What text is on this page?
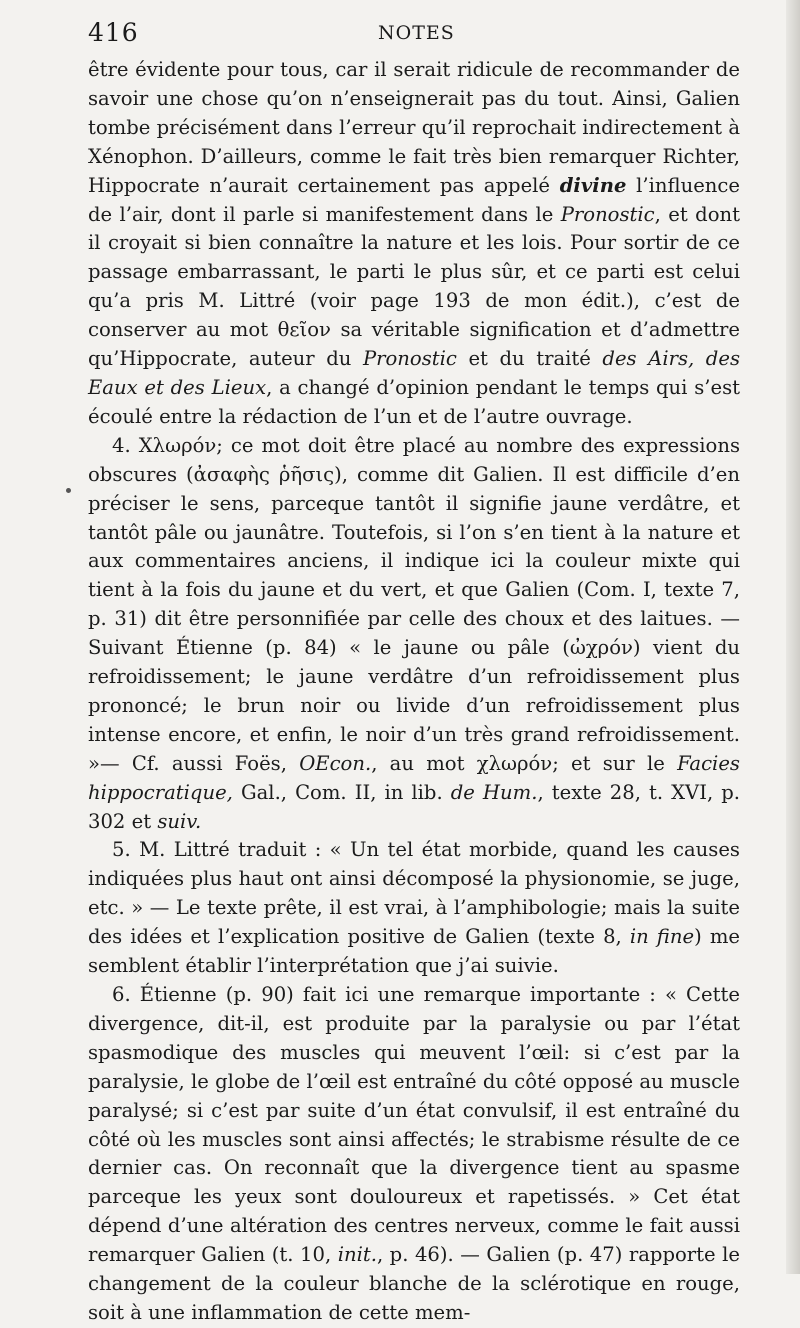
416	NOTES

être évidente pour tous, car il serait ridicule de recommander de savoir une chose qu’on n’enseignerait pas du tout. Ainsi, Galien tombe précisément dans l’erreur qu’il reprochait indirectement à Xénophon. D’ailleurs, comme le fait très bien remarquer Richter, Hippocrate n’aurait certainement pas appelé divine l’influence de l’air, dont il parle si manifestement dans le Pronostic, et dont il croyait si bien connaître la nature et les lois. Pour sortir de ce passage embarrassant, le parti le plus sûr, et ce parti est celui qu’a pris M. Littré (voir page 193 de mon édit.), c’est de conserver au mot θεῖον sa véritable signification et d’admettre qu’Hippocrate, auteur du Pronostic et du traité des Airs, des Eaux et des Lieux, a changé d’opinion pendant le temps qui s’est écoulé entre la rédaction de l’un et de l’autre ouvrage.

4. Χλωρόν; ce mot doit être placé au nombre des expressions obscures (ἀσαφὴς ῥῆσις), comme dit Galien. Il est difficile d’en préciser le sens, parceque tantôt il signifie jaune verdâtre, et tantôt pâle ou jaunâtre. Toutefois, si l’on s’en tient à la nature et aux commentaires anciens, il indique ici la couleur mixte qui tient à la fois du jaune et du vert, et que Galien (Com. I, texte 7, p. 31) dit être personnifiée par celle des choux et des laitues. — Suivant Étienne (p. 84) « le jaune ou pâle (ὠχρόν) vient du refroidissement; le jaune verdâtre d’un refroidissement plus prononcé; le brun noir ou livide d’un refroidissement plus intense encore, et enfin, le noir d’un très grand refroidissement. »— Cf. aussi Foës, OEcon., au mot χλωρόν; et sur le Facies hippocratique, Gal., Com. II, in lib. de Hum., texte 28, t. XVI, p. 302 et suiv.

5. M. Littré traduit : « Un tel état morbide, quand les causes indiquées plus haut ont ainsi décomposé la physionomie, se juge, etc. » — Le texte prête, il est vrai, à l’amphibologie; mais la suite des idées et l’explication positive de Galien (texte 8, in fine) me semblent établir l’interprétation que j’ai suivie.

6. Étienne (p. 90) fait ici une remarque importante : « Cette divergence, dit-il, est produite par la paralysie ou par l’état spasmodique des muscles qui meuvent l’œil: si c’est par la paralysie, le globe de l’œil est entraîné du côté opposé au muscle paralysé; si c’est par suite d’un état convulsif, il est entraîné du côté où les muscles sont ainsi affectés; le strabisme résulte de ce dernier cas. On reconnaît que la divergence tient au spasme parceque les yeux sont douloureux et rapetissés. » Cet état dépend d’une altération des centres nerveux, comme le fait aussi remarquer Galien (t. 10, init., p. 46). — Galien (p. 47) rapporte le changement de la couleur blanche de la sclérotique en rouge, soit à une inflammation de cette mem-
